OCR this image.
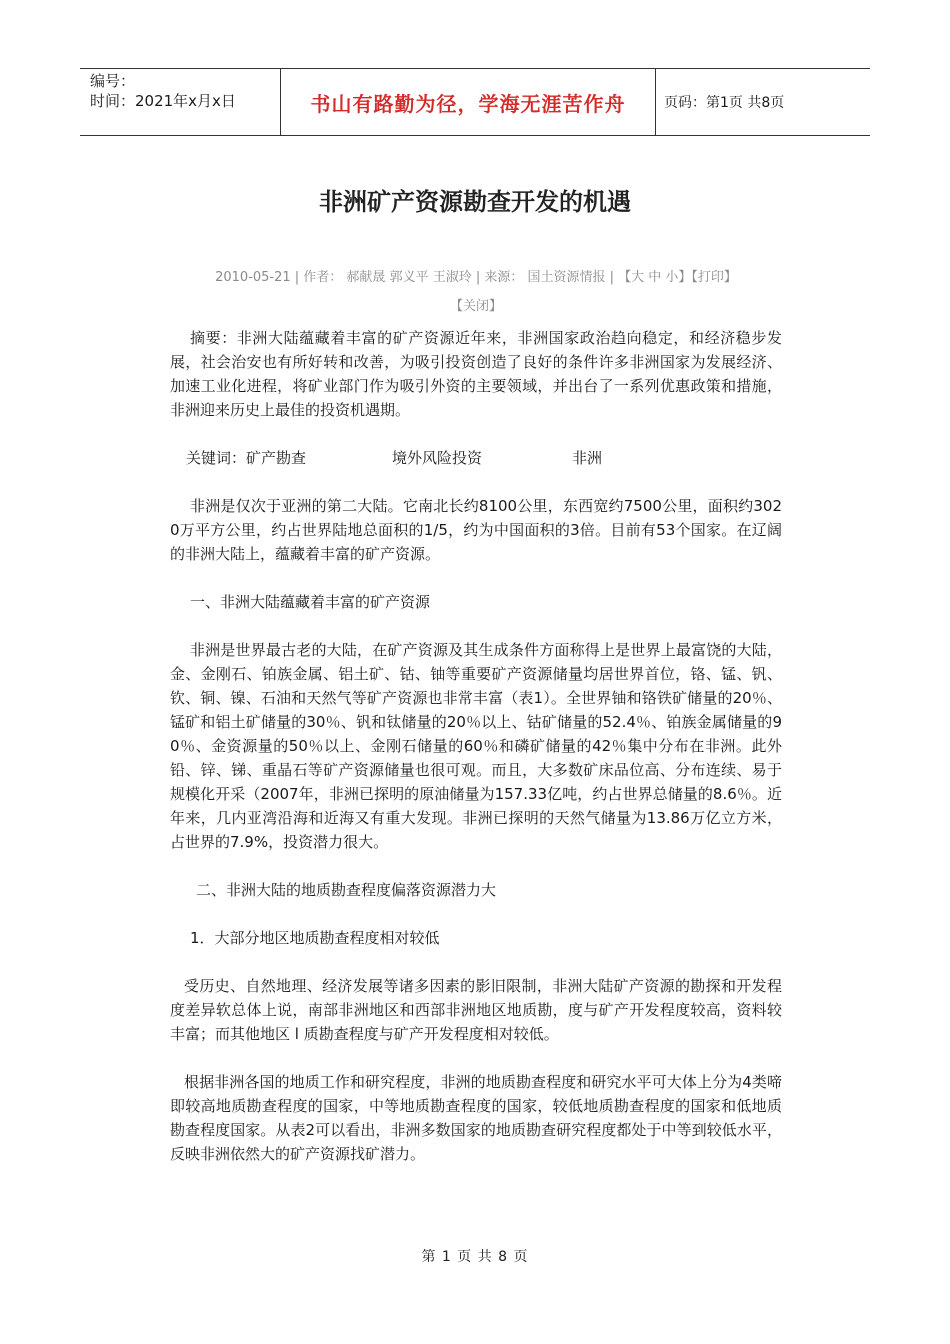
编号：
时间：2021年x月x日	书山有路勤为径，学海无涯苦作舟	页码：第1页 共8页
非洲矿产资源勘查开发的机遇
2010-05-21 | 作者： 郝献晟 郭义平 王淑玲 | 来源： 国土资源情报 | 【大 中 小】【打印】
【关闭】

摘要：非洲大陆蕴藏着丰富的矿产资源近年来，非洲国家政治趋向稳定，和经济稳步发展，社会治安也有所好转和改善，为吸引投资创造了良好的条件许多非洲国家为发展经济、加速工业化进程，将矿业部门作为吸引外资的主要领域，并出台了一系列优惠政策和措施，非洲迎来历史上最佳的投资机遇期。

关键词：矿产勘查	境外风险投资	非洲

非洲是仅次于亚洲的第二大陆。它南北长约8100公里，东西宽约7500公里，面积约3020万平方公里，约占世界陆地总面积的1/5，约为中国面积的3倍。目前有53个国家。在辽阔的非洲大陆上，蕴藏着丰富的矿产资源。

一、非洲大陆蕴藏着丰富的矿产资源

非洲是世界最古老的大陆，在矿产资源及其生成条件方面称得上是世界上最富饶的大陆，金、金刚石、铂族金属、铝土矿、钴、铀等重要矿产资源储量均居世界首位，铬、锰、钒、钦、铜、镍、石油和天然气等矿产资源也非常丰富（表1）。全世界铀和铬铁矿储量的20％、锰矿和铝土矿储量的30％、钒和钛储量的20％以上、钴矿储量的52.4％、铂族金属储量的90％、金资源量的50％以上、金刚石储量的60％和磷矿储量的42％集中分布在非洲。此外铅、锌、锑、重晶石等矿产资源储量也很可观。而且，大多数矿床品位高、分布连续、易于规模化开采（2007年，非洲已探明的原油储量为157.33亿吨，约占世界总储量的8.6％。近年来，几内亚湾沿海和近海又有重大发现。非洲已探明的天然气储量为13.86万亿立方米，占世界的7.9%，投资潜力很大。

二、非洲大陆的地质勘查程度偏落资源潜力大

1．大部分地区地质勘查程度相对较低

受历史、自然地理、经济发展等诸多因素的影旧限制，非洲大陆矿产资源的勘探和开发程度差异软总体上说，南部非洲地区和西部非洲地区地质勘，度与矿产开发程度较高，资料较丰富；而其他地区 l 质勘查程度与矿产开发程度相对较低。

根据非洲各国的地质工作和研究程度，非洲的地质勘查程度和研究水平可大体上分为4类啼即较高地质勘查程度的国家，中等地质勘查程度的国家，较低地质勘查程度的国家和低地质勘查程度国家。从表2可以看出，非洲多数国家的地质勘查研究程度都处于中等到较低水平，反映非洲依然大的矿产资源找矿潜力。

第 1 页 共 8 页
